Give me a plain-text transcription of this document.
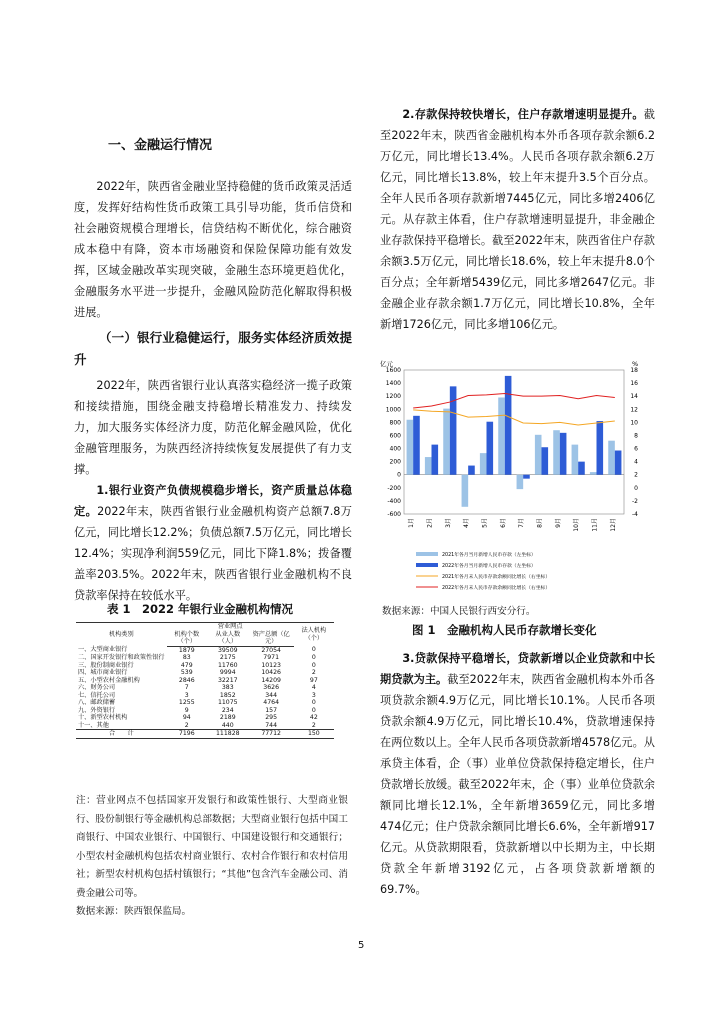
一、金融运行情况

2022年，陕西省金融业坚持稳健的货币政策灵活适度，发挥好结构性货币政策工具引导功能，货币信贷和社会融资规模合理增长，信贷结构不断优化，综合融资成本稳中有降，资本市场融资和保险保障功能有效发挥，区域金融改革实现突破，金融生态环境更趋优化，金融服务水平进一步提升，金融风险防范化解取得积极进展。

（一）银行业稳健运行，服务实体经济质效提升

2022年，陕西省银行业认真落实稳经济一揽子政策和接续措施，围绕金融支持稳增长精准发力、持续发力，加大服务实体经济力度，防范化解金融风险，优化金融管理服务，为陕西经济持续恢复发展提供了有力支撑。

1.银行业资产负债规模稳步增长，资产质量总体稳定。2022年末，陕西省银行业金融机构资产总额7.8万亿元，同比增长12.2%；负债总额7.5万亿元，同比增长12.4%；实现净利润559亿元，同比下降1.8%；拨备覆盖率203.5%。2022年末，陕西省银行业金融机构不良贷款率保持在较低水平。

表 1　2022 年银行业金融机构情况
机构类别	营业网点			法人机构（个）
	机构个数（个）	从业人数（人）	资产总额（亿元）	
一、大型商业银行	1879	39509	27054	0
二、国家开发银行和政策性银行	83	2175	7971	0
三、股份制商业银行	479	11760	10123	0
四、城市商业银行	539	9994	10426	2
五、小型农村金融机构	2846	32217	14209	97
六、财务公司	7	383	3626	4
七、信托公司	3	1852	344	3
八、邮政储蓄	1255	11075	4764	0
九、外资银行	9	234	157	0
十、新型农村机构	94	2189	295	42
十一、其他	2	440	744	2
合　　计	7196	111828	77712	150
注：营业网点不包括国家开发银行和政策性银行、大型商业银行、股份制银行等金融机构总部数据；大型商业银行包括中国工商银行、中国农业银行、中国银行、中国建设银行和交通银行；小型农村金融机构包括农村商业银行、农村合作银行和农村信用社；新型农村机构包括村镇银行；“其他”包含汽车金融公司、消费金融公司等。
数据来源：陕西银保监局。

2.存款保持较快增长，住户存款增速明显提升。截至2022年末，陕西省金融机构本外币各项存款余额6.2万亿元，同比增长13.4%。人民币各项存款余额6.2万亿元，同比增长13.8%，较上年末提升3.5个百分点。全年人民币各项存款新增7445亿元，同比多增2406亿元。从存款主体看，住户存款增速明显提升，非金融企业存款保持平稳增长。截至2022年末，陕西省住户存款余额3.5万亿元，同比增长18.6%，较上年末提升8.0个百分点；全年新增5439亿元，同比多增2647亿元。非金融企业存款余额1.7万亿元，同比增长10.8%，全年新增1726亿元，同比多增106亿元。

亿元	%
-600
-400
-200
0
200
400
600
800
1000
1200
1400
1600
-4
-2
0
2
4
6
8
10
12
14
16
18
1月 2月 3月 4月 5月 6月 7月 8月 9月 10月 11月 12月
2021年各月当月新增人民币存款（左坐标）
2022年各月当月新增人民币存款（左坐标）
2021年各月末人民币存款余额同比增长（右坐标）
2022年各月末人民币存款余额同比增长（右坐标）
数据来源：中国人民银行西安分行。
图 1　金融机构人民币存款增长变化

3.贷款保持平稳增长，贷款新增以企业贷款和中长期贷款为主。截至2022年末，陕西省金融机构本外币各项贷款余额4.9万亿元，同比增长10.1%。人民币各项贷款余额4.9万亿元，同比增长10.4%，贷款增速保持在两位数以上。全年人民币各项贷款新增4578亿元。从承贷主体看，企（事）业单位贷款保持稳定增长，住户贷款增长放缓。截至2022年末，企（事）业单位贷款余额同比增长12.1%，全年新增3659亿元，同比多增474亿元；住户贷款余额同比增长6.6%，全年新增917亿元。从贷款期限看，贷款新增以中长期为主，中长期贷款全年新增3192亿元，占各项贷款新增额的69.7%。

5
